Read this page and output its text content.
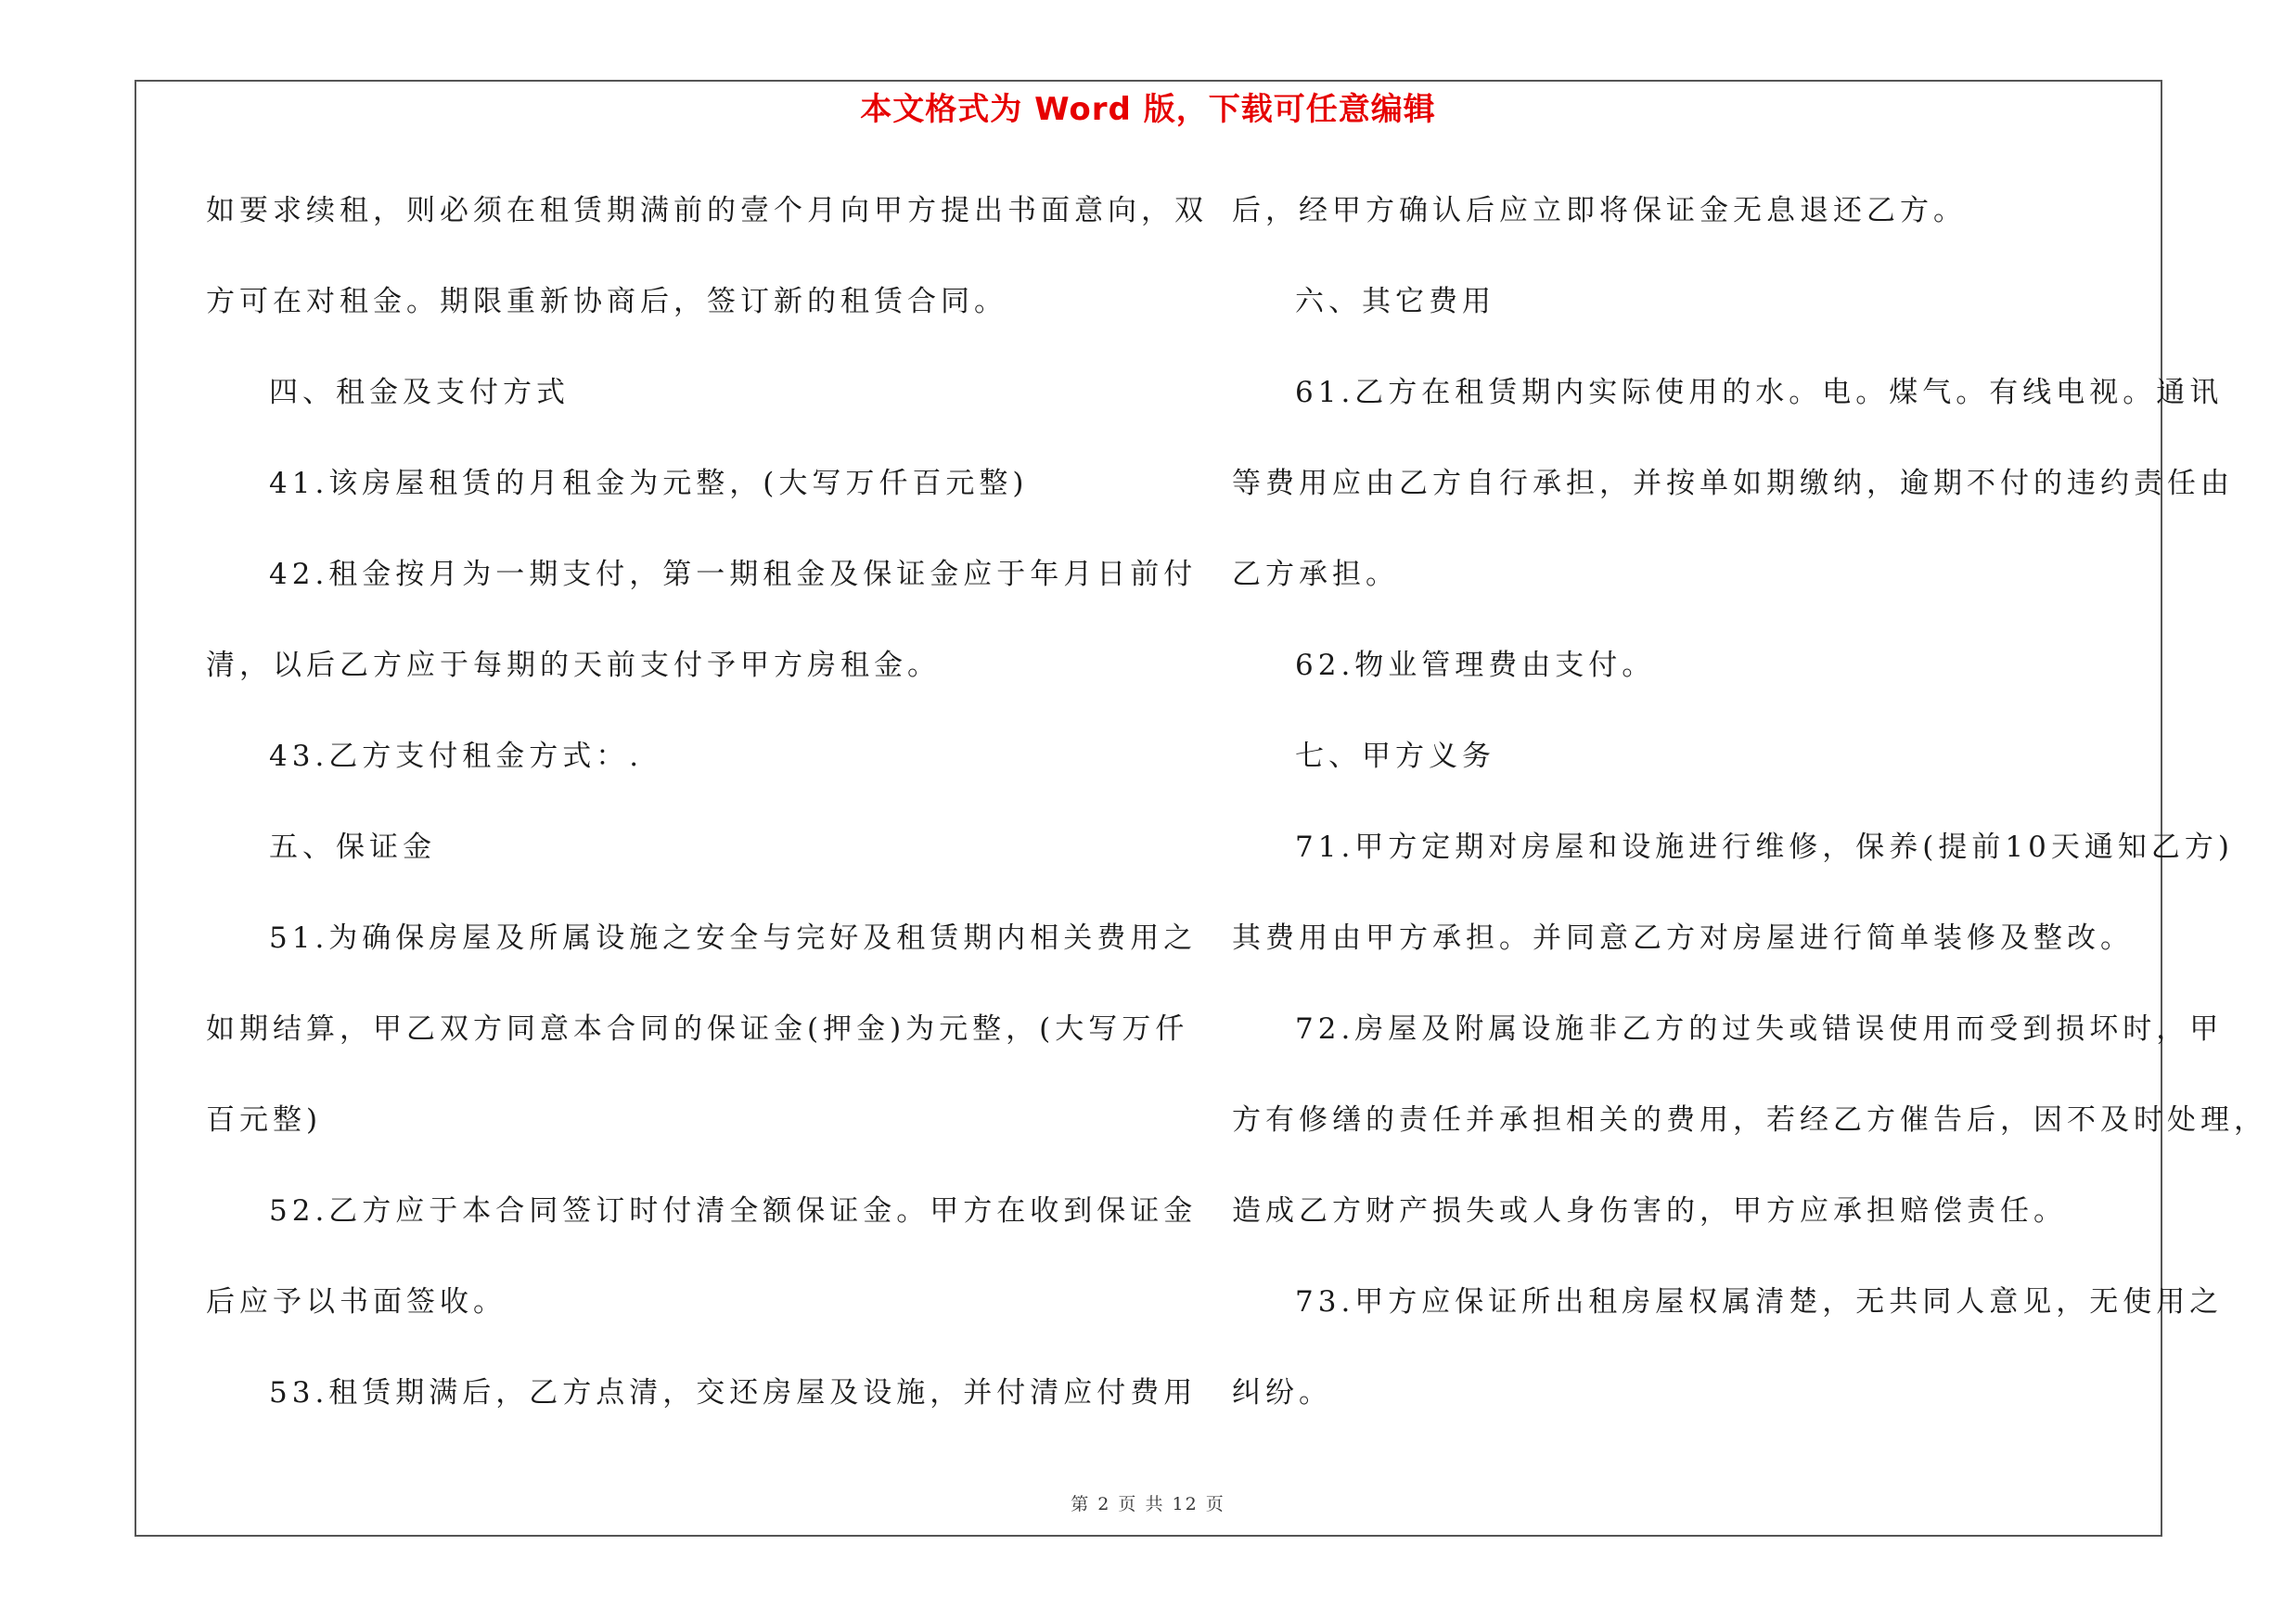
本文格式为 Word 版，下载可任意编辑
如要求续租，则必须在租赁期满前的壹个月向甲方提出书面意向，双
方可在对租金。期限重新协商后，签订新的租赁合同。
四、租金及支付方式
41.该房屋租赁的月租金为元整，(大写万仟百元整)
42.租金按月为一期支付，第一期租金及保证金应于年月日前付
清，以后乙方应于每期的天前支付予甲方房租金。
43.乙方支付租金方式：.
五、保证金
51.为确保房屋及所属设施之安全与完好及租赁期内相关费用之
如期结算，甲乙双方同意本合同的保证金(押金)为元整，(大写万仟
百元整)
52.乙方应于本合同签订时付清全额保证金。甲方在收到保证金
后应予以书面签收。
53.租赁期满后，乙方点清，交还房屋及设施，并付清应付费用
后，经甲方确认后应立即将保证金无息退还乙方。
六、其它费用
61.乙方在租赁期内实际使用的水。电。煤气。有线电视。通讯
等费用应由乙方自行承担，并按单如期缴纳，逾期不付的违约责任由
乙方承担。
62.物业管理费由支付。
七、甲方义务
71.甲方定期对房屋和设施进行维修，保养(提前10天通知乙方)
其费用由甲方承担。并同意乙方对房屋进行简单装修及整改。
72.房屋及附属设施非乙方的过失或错误使用而受到损坏时，甲
方有修缮的责任并承担相关的费用，若经乙方催告后，因不及时处理，
造成乙方财产损失或人身伤害的，甲方应承担赔偿责任。
73.甲方应保证所出租房屋权属清楚，无共同人意见，无使用之
纠纷。
第 2 页 共 12 页
